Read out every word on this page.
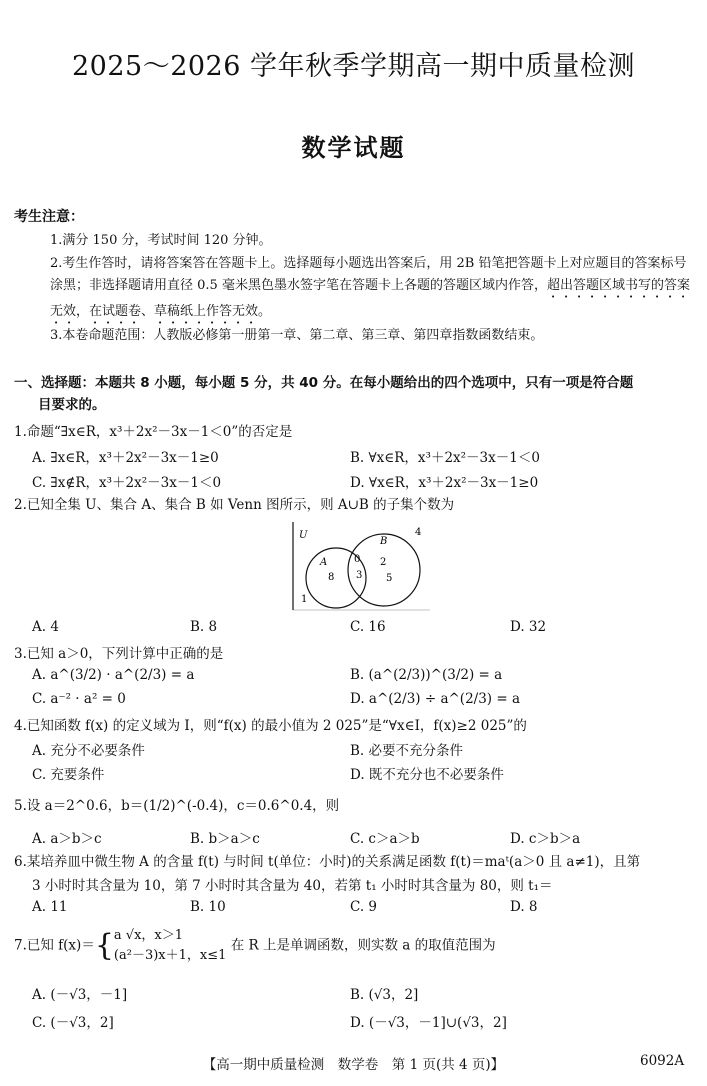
2025～2026 学年秋季学期高一期中质量检测
数学试题
考生注意：
1.满分 150 分，考试时间 120 分钟。
2.考生作答时，请将答案答在答题卡上。选择题每小题选出答案后，用 2B 铅笔把答题卡上对应题目的答案标号涂黑；非选择题请用直径 0.5 毫米黑色墨水签字笔在答题卡上各题的答题区域内作答，超出答题区域书写的答案无效，在试题卷、草稿纸上作答无效。
3.本卷命题范围：人教版必修第一册第一章、第二章、第三章、第四章指数函数结束。
一、选择题：本题共 8 小题，每小题 5 分，共 40 分。在每小题给出的四个选项中，只有一项是符合题
目要求的。
1.命题“∃x∈R，x³＋2x²－3x－1＜0”的否定是
A. ∃x∈R，x³＋2x²－3x－1≥0	B. ∀x∈R，x³＋2x²－3x－1＜0
C. ∃x∉R，x³＋2x²－3x－1＜0	D. ∀x∈R，x³＋2x²－3x－1≥0
2.已知全集 U、集合 A、集合 B 如 Venn 图所示，则 A∪B 的子集个数为
U
A
B
4
8
0
3
2
5
1
A. 4	B. 8	C. 16	D. 32
3.已知 a＞0，下列计算中正确的是
A. a^(3/2) · a^(2/3) = a	B. (a^(2/3))^(3/2) = a
C. a⁻² · a² = 0	D. a^(2/3) ÷ a^(2/3) = a
4.已知函数 f(x) 的定义域为 I，则“f(x) 的最小值为 2 025”是“∀x∈I，f(x)≥2 025”的
A. 充分不必要条件	B. 必要不充分条件
C. 充要条件	D. 既不充分也不必要条件
5.设 a＝2^0.6，b＝(1/2)^(-0.4)，c＝0.6^0.4，则
A. a＞b＞c	B. b＞a＞c	C. c＞a＞b	D. c＞b＞a
6.某培养皿中微生物 A 的含量 f(t) 与时间 t(单位：小时)的关系满足函数 f(t)＝maᵗ(a＞0 且 a≠1)，且第
3 小时时其含量为 10，第 7 小时时其含量为 40，若第 t₁ 小时时其含量为 80，则 t₁＝
A. 11	B. 10	C. 9	D. 8
7.已知 f(x)＝{a √x，x＞1
(a²－3)x＋1，x≤1 在 R 上是单调函数，则实数 a 的取值范围为
A. (－√3，－1]	B. (√3，2]
C. (－√3，2]	D. (－√3，－1]∪(√3，2]
【高一期中质量检测　数学卷　第 1 页(共 4 页)】	6092A
